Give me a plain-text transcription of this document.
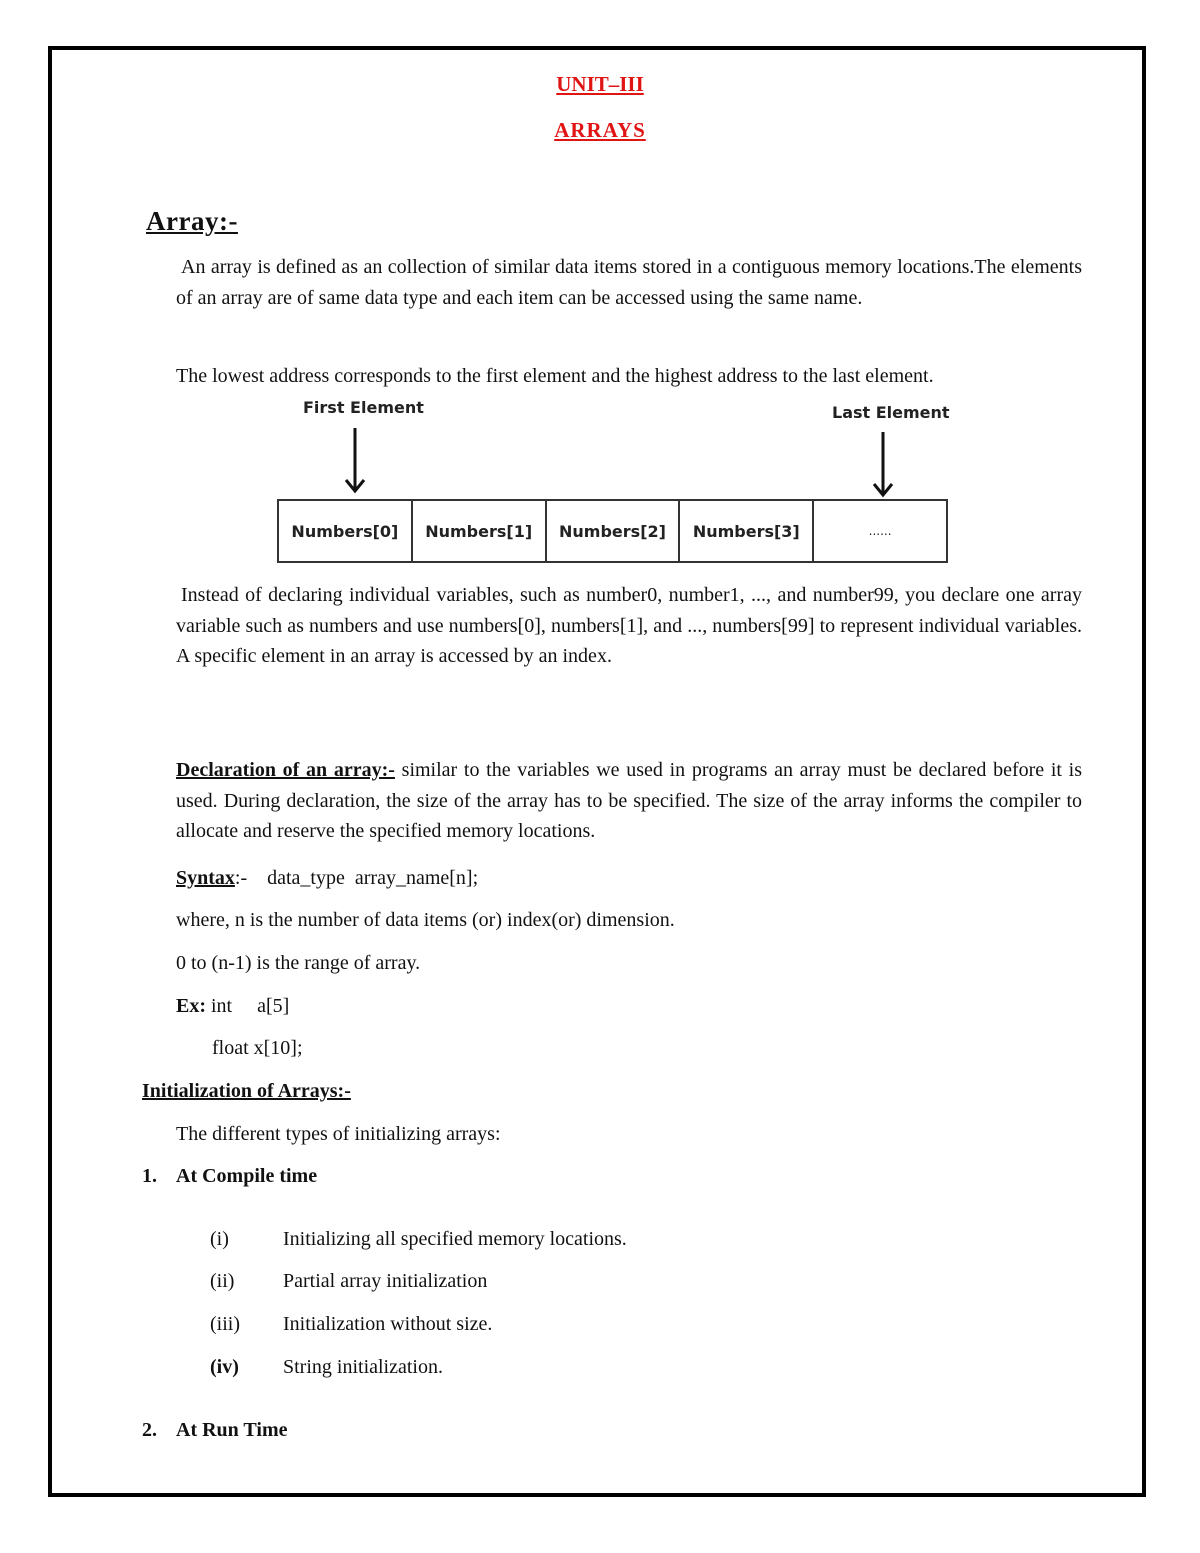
UNIT–III
ARRAYS
Array:-
An array is defined as an collection of similar data items stored in a contiguous memory locations.The elements of an array are of same data type and each item can be accessed using the same name.
The lowest address corresponds to the first element and the highest address to the last element.
First Element	Last Element
Numbers[0]	Numbers[1]	Numbers[2]	Numbers[3]	......
Instead of declaring individual variables, such as number0, number1, ..., and number99, you declare one array variable such as numbers and use numbers[0], numbers[1], and ..., numbers[99] to represent individual variables. A specific element in an array is accessed by an index.
Declaration of an array:- similar to the variables we used in programs an array must be declared before it is used. During declaration, the size of the array has to be specified. The size of the array informs the compiler to allocate and reserve the specified memory locations.
Syntax:-    data_type  array_name[n];
where, n is the number of data items (or) index(or) dimension.
0 to (n-1) is the range of array.
Ex: int     a[5]
float x[10];
Initialization of Arrays:-
The different types of initializing arrays:
1. At Compile time
(i)	Initializing all specified memory locations.
(ii) Partial array initialization
(iii) Initialization without size.
(iv) String initialization.
2. At Run Time
